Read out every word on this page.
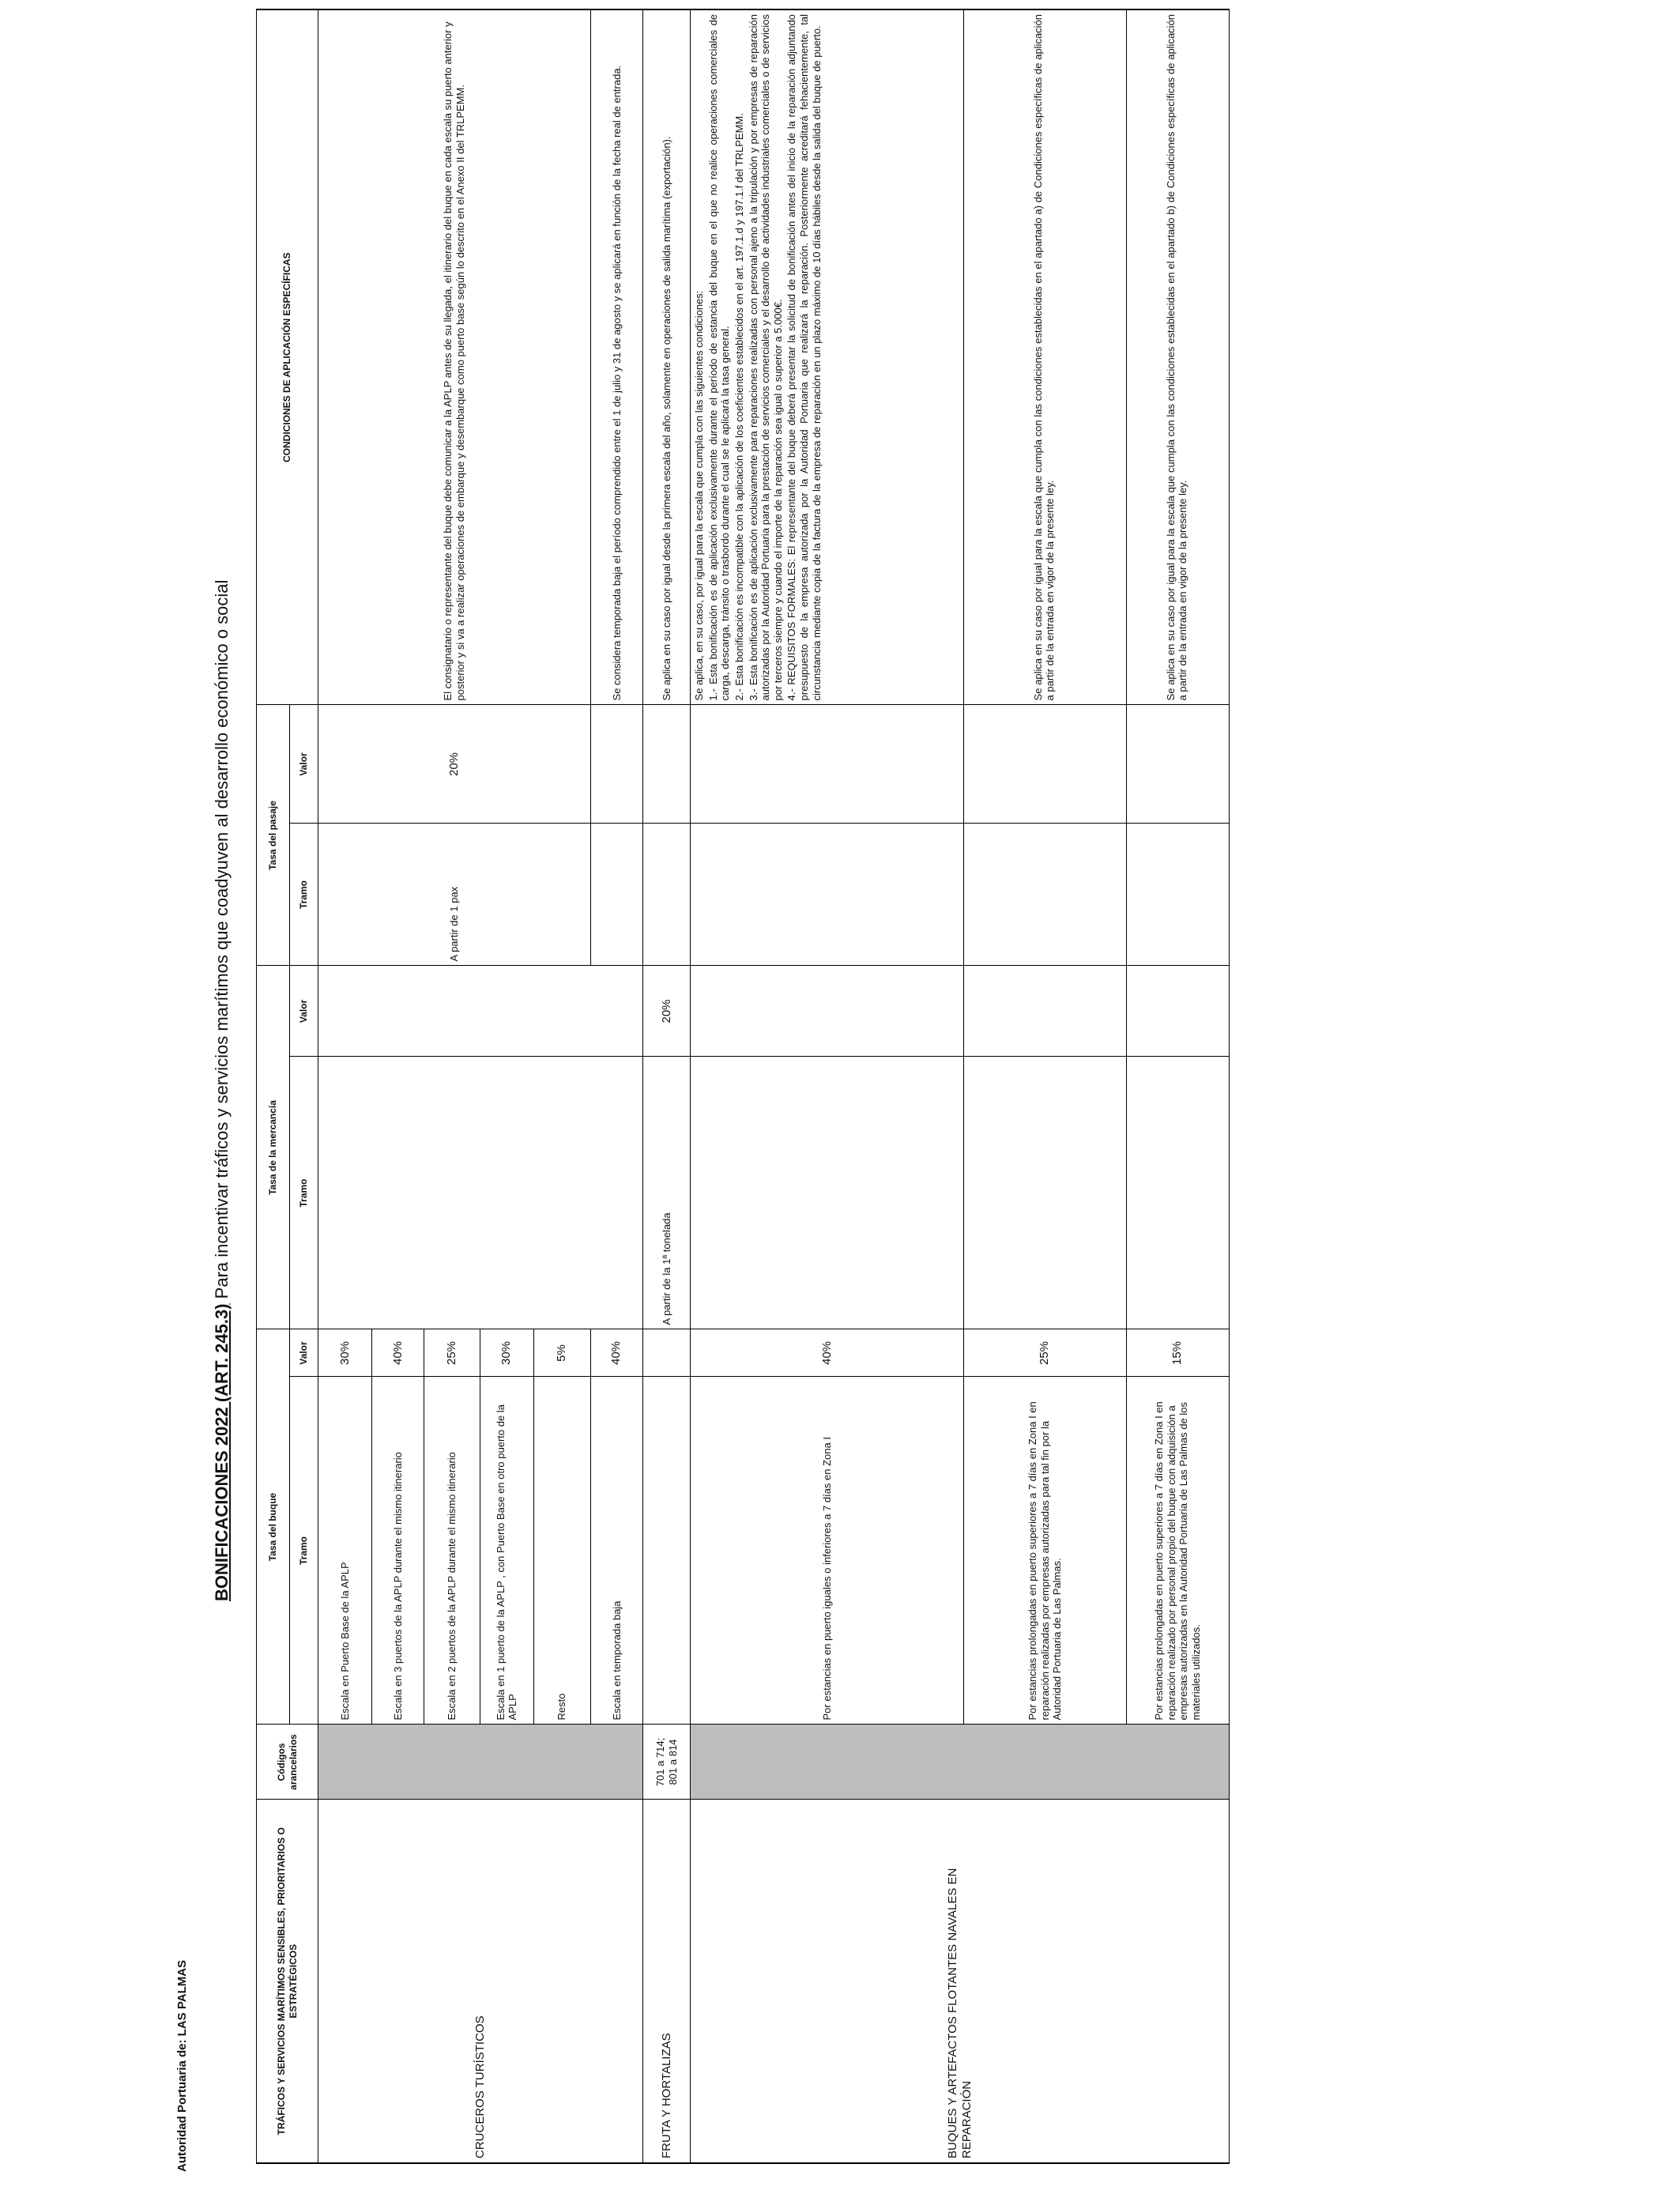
Autoridad Portuaria de: LAS PALMAS
BONIFICACIONES 2022 (ART. 245.3) Para incentivar tráficos y servicios marítimos que coadyuven al desarrollo económico o social
TRÁFICOS Y SERVICIOS MARÍTIMOS SENSIBLES, PRIORITARIOS O ESTRATÉGICOS	Códigos arancelarios	Tasa del buque		Tasa de la mercancía		Tasa del pasaje		CONDICIONES DE APLICACIÓN ESPECÍFICAS
		Tramo	Valor	Tramo	Valor	Tramo	Valor	
CRUCEROS TURÍSTICOS		Escala en Puerto Base de la APLP	30%			A partir de 1 pax	20%	El consignatario o representante del buque debe comunicar a la APLP antes de su llegada, el itinerario del buque en cada escala su puerto anterior y posterior y si va a realizar operaciones de embarque y desembarque como puerto base según lo descrito en el Anexo II del TRLPEMM.
		Escala en 3 puertos de la APLP durante el mismo itinerario	40%					
		Escala en 2 puertos de la APLP durante el mismo itinerario	25%					
		Escala en 1 puerto de la APLP , con Puerto Base en otro puerto de la APLP	30%					
		Resto	5%					
		Escala en temporada baja	40%					Se considera temporada baja el período comprendido entre el 1 de julio y 31 de agosto y se aplicará en función de la fecha real de entrada.
FRUTA Y HORTALIZAS	701 a 714; 801 a 814			A partir de la 1ª tonelada	20%			Se aplica en su caso por igual desde la primera escala del año, solamente en operaciones de salida marítima (exportación).
BUQUES Y ARTEFACTOS FLOTANTES NAVALES EN REPARACIÓN		Por estancias en puerto iguales o inferiores a 7 días en Zona I	40%					Se aplica, en su caso, por igual para la escala que cumpla con las siguientes condiciones: 1.- Esta bonificación es de aplicación exclusivamente durante el período de estancia del buque en el que no realice operaciones comerciales de carga, descarga, tránsito o trasbordo durante el cual se le aplicará la tasa general. 2.- Esta bonificación es incompatible con la aplicación de los coeficientes establecidos en el art. 197.1.d y 197.1.f del TRLPEMM. 3.- Esta bonificación es de aplicación exclusivamente para reparaciones realizadas con personal ajeno a la tripulación y por empresas de reparación autorizadas por la Autoridad Portuaria para la prestación de servicios comerciales y el desarrollo de actividades industriales comerciales o de servicios por terceros siempre y cuando el importe de la reparación sea igual o superior a 5.000€. 4.- REQUISITOS FORMALES: El representante del buque deberá presentar la solicitud de bonificación antes del inicio de la reparación adjuntando presupuesto de la empresa autorizada por la Autoridad Portuaria que realizará la reparación. Posteriormente acreditará fehacientemente, tal circunstancia mediante copia de la factura de la empresa de reparación en un plazo máximo de 10 días hábiles desde la salida del buque de puerto.

		Por estancias prolongadas en puerto superiores a 7 días en Zona I en reparación realizadas por empresas autorizadas para tal fin por la Autoridad Portuaria de Las Palmas.	25%					Se aplica en su caso por igual para la escala que cumpla con las condiciones establecidas en el apartado a) de Condiciones específicas de aplicación a partir de la entrada en vigor de la presente ley.

		Por estancias prolongadas en puerto superiores a 7 días en Zona I en reparación realizado por personal propio del buque con adquisición a empresas autorizadas en la Autoridad Portuaria de Las Palmas de los materiales utilizados.	15%					Se aplica en su caso por igual para la escala que cumpla con las condiciones establecidas en el apartado b) de Condiciones específicas de aplicación a partir de la entrada en vigor de la presente ley.
